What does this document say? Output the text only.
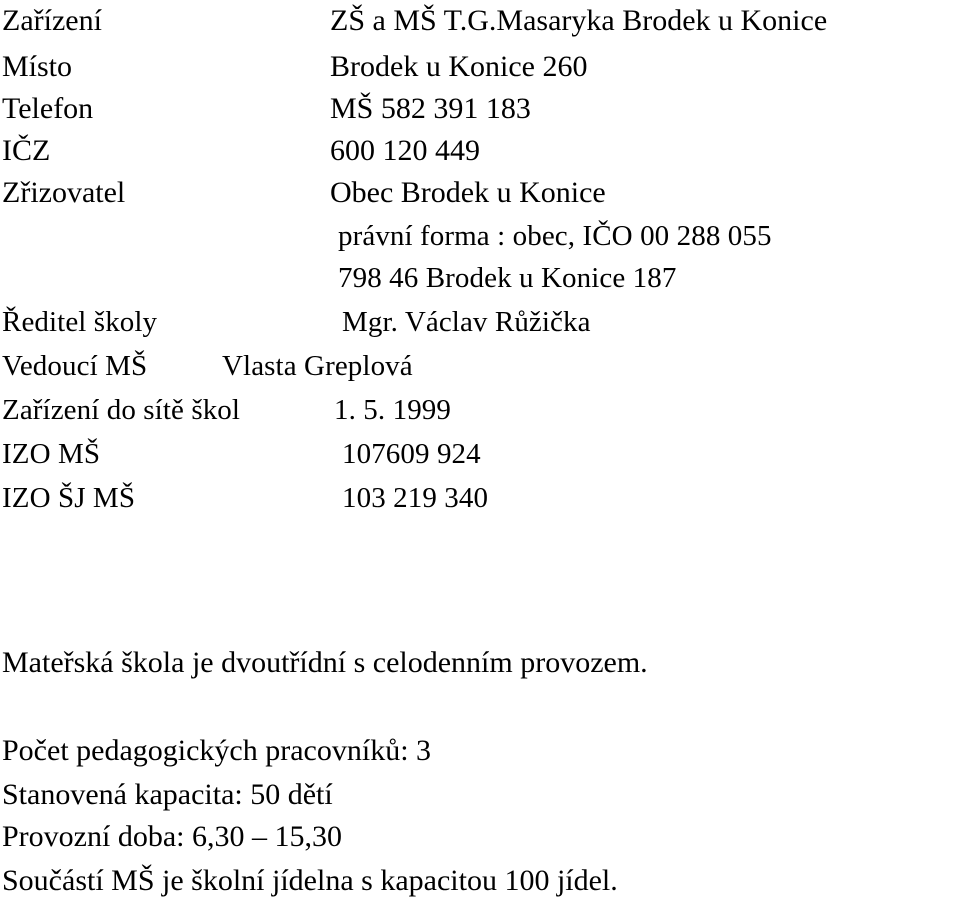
Zařízení	ZŠ a MŠ T.G.Masaryka Brodek u Konice
Místo	Brodek u Konice 260
Telefon	MŠ 582 391 183
IČZ	600 120 449
Zřizovatel	Obec Brodek u Konice
právní forma : obec, IČO 00 288 055
798 46 Brodek u Konice 187
Ředitel školy	Mgr. Václav Růžička
Vedoucí MŠ	Vlasta Greplová
Zařízení do sítě škol	1. 5. 1999
IZO MŠ	107609 924
IZO ŠJ MŠ	103 219 340
Mateřská škola je dvoutřídní s celodenním provozem.
Počet pedagogických pracovníků: 3
Stanovená kapacita: 50 dětí
Provozní doba: 6,30 – 15,30
Součástí MŠ je školní jídelna s kapacitou 100 jídel.
